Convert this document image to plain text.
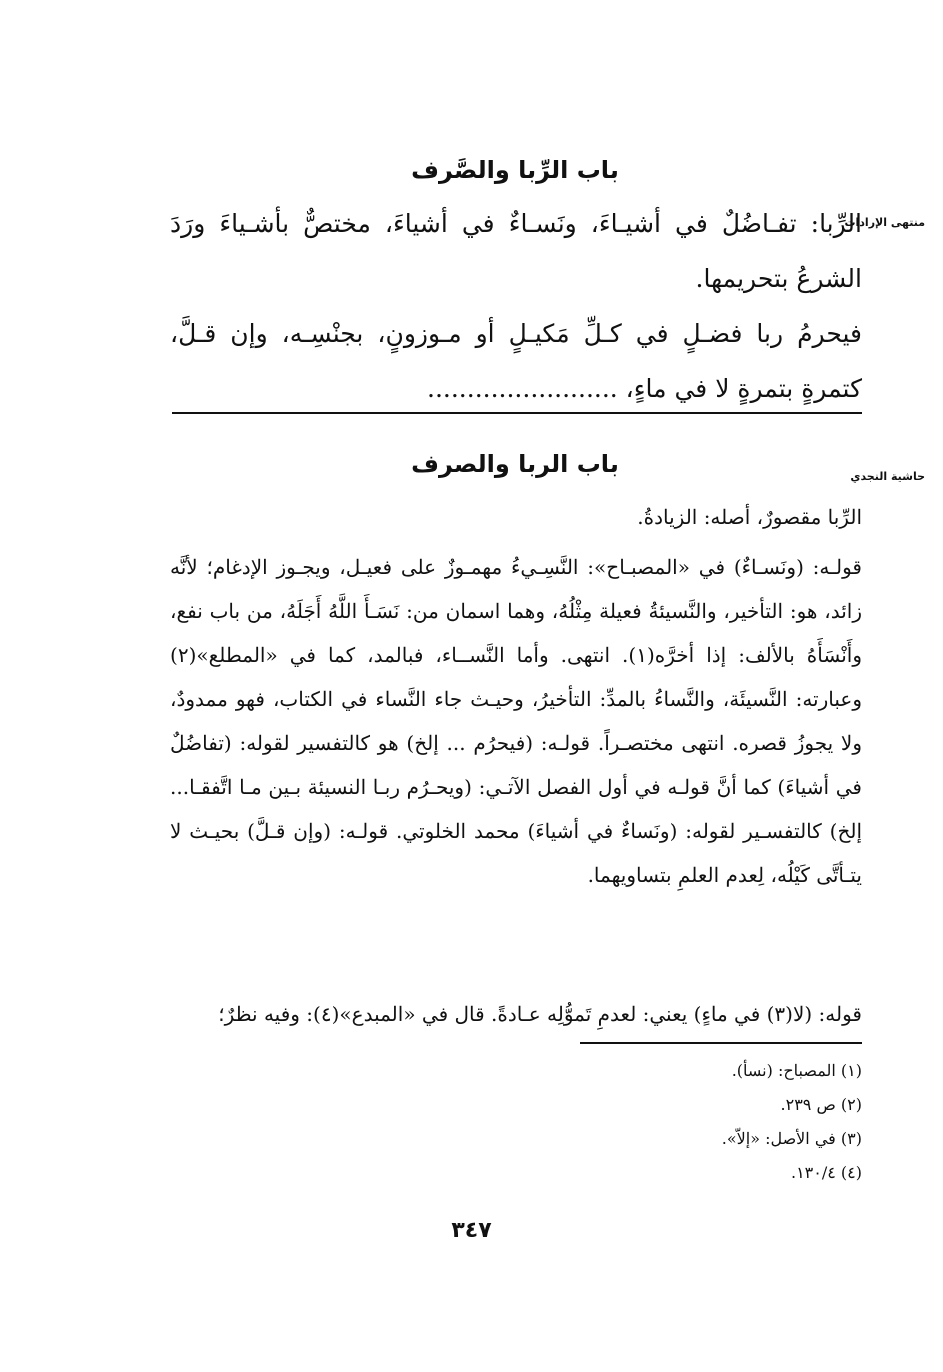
منتهى الإرادات
باب الرِّبا والصَّرف
الرِّبا: تفـاضُلٌ في أشيـاءَ، ونَسـاءٌ في أشياءَ، مختصٌّ بأشـياءَ ورَدَ الشرعُ بتحريمها.
فيحرمُ ربا فضـلٍ في كـلِّ مَكيـلٍ أو مـوزونٍ، بجنْسِـه، وإن قـلَّ، كتمرةٍ بتمرةٍ لا في ماءٍ، ........................
حاشية النجدي
باب الربا والصرف
الرِّبا مقصورٌ، أصله: الزيادةُ.
قولـه: (ونَسـاءٌ) في «المصبـاح»: النَّسِـيءُ مهمـوزٌ على فعيـل، ويجـوز الإدغام؛ لأنَّه زائد، هو: التأخير، والنَّسيئةُ فعيلة مِثْلُهُ، وهما اسمان من: نَسَـأَ اللَّهُ أَجَلَهُ، من باب نفع، وأَنْسَأَهُ بالألف: إذا أخرَّه(١). انتهى. وأما النَّســاء، فبالمد، كما في «المطلع»(٢) وعبارته: النَّسيئَة، والنَّساءُ بالمدِّ: التأخيرُ، وحيـث جاء النَّساء في الكتاب، فهو ممدودٌ، ولا يجوزُ قصره. انتهى مختصـراً. قولـه: (فيحرُم ... إلخ) هو كالتفسير لقوله: (تفاضُلٌ في أشياءَ) كما أنَّ قولـه في أول الفصل الآتـي: (ويحـرُم ربـا النسيئة بـين مـا اتَّفقـا... إلخ) كالتفسـير لقوله: (ونَساءٌ في أشياءَ) محمد الخلوتي. قولـه: (وإن قـلَّ) بحيـث لا يتـأتَّى كَيْلُه، لِعدم العلمِ بتساويهما.
قوله: (لا(٣) في ماءٍ) يعني: لعدمِ تَموُّلِه عـادةً. قال في «المبدع»(٤): وفيه نظرٌ؛
(١) المصباح: (نسأ).
(٢) ص ٢٣٩.
(٣) في الأصل: «إلاّ».
(٤) ١٣٠/٤.
٣٤٧
